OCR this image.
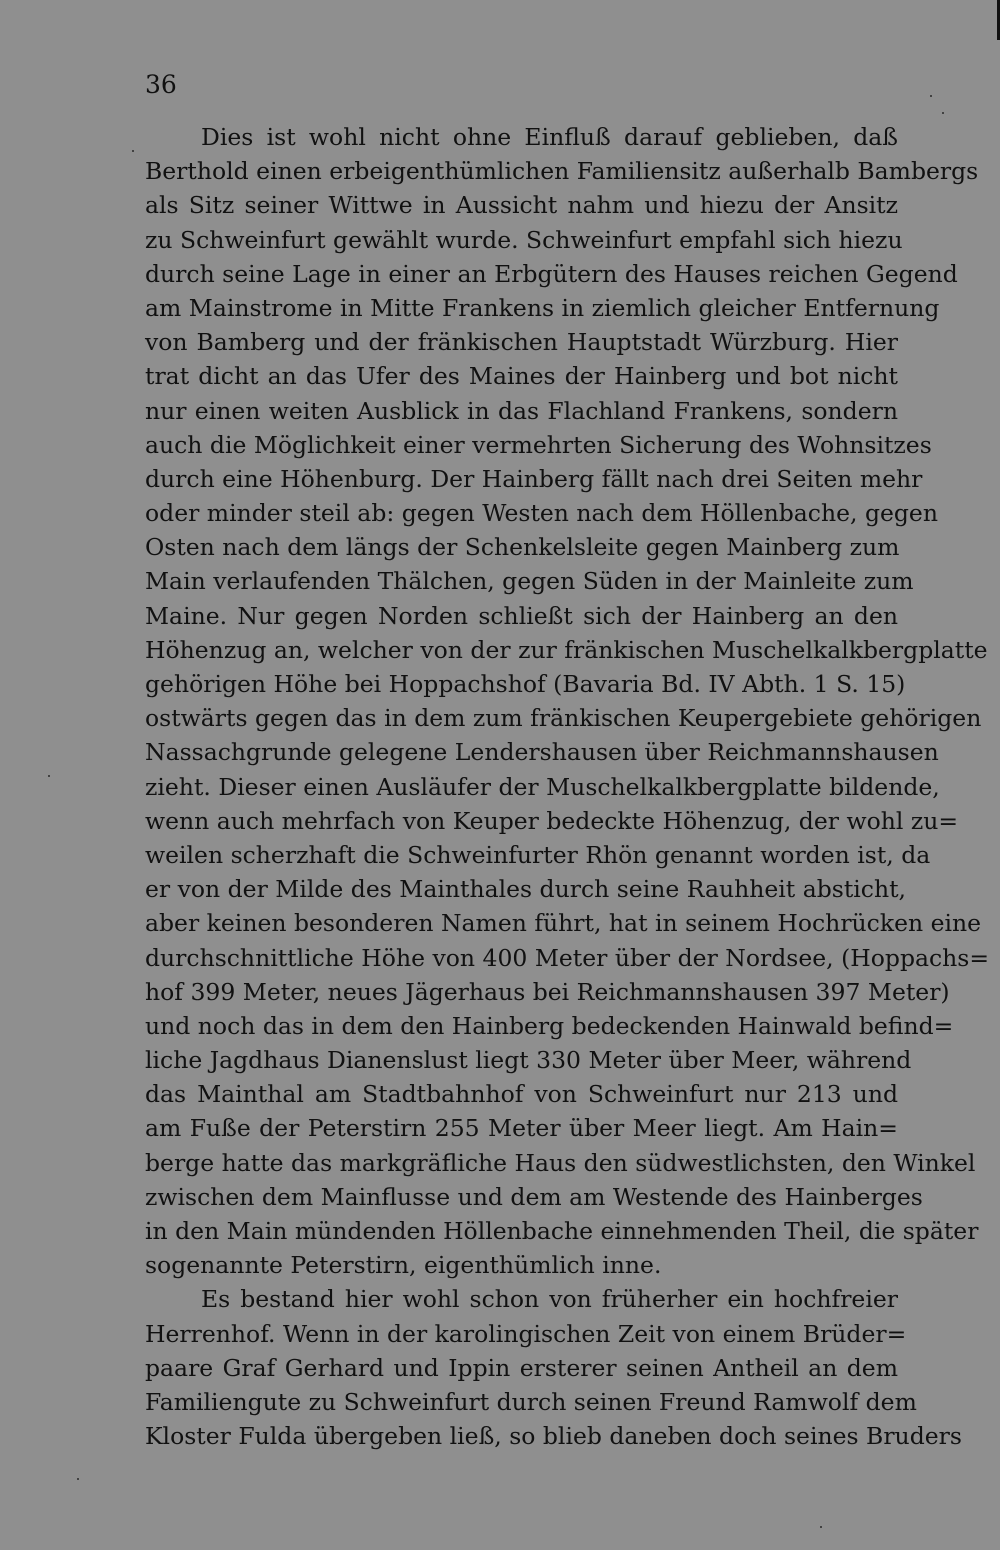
36
Dies ist wohl nicht ohne Einfluß darauf geblieben, daß
Berthold einen erbeigenthümlichen Familiensitz außerhalb Bambergs
als Sitz seiner Wittwe in Aussicht nahm und hiezu der Ansitz
zu Schweinfurt gewählt wurde. Schweinfurt empfahl sich hiezu
durch seine Lage in einer an Erbgütern des Hauses reichen Gegend
am Mainstrome in Mitte Frankens in ziemlich gleicher Entfernung
von Bamberg und der fränkischen Hauptstadt Würzburg. Hier
trat dicht an das Ufer des Maines der Hainberg und bot nicht
nur einen weiten Ausblick in das Flachland Frankens, sondern
auch die Möglichkeit einer vermehrten Sicherung des Wohnsitzes
durch eine Höhenburg. Der Hainberg fällt nach drei Seiten mehr
oder minder steil ab: gegen Westen nach dem Höllenbache, gegen
Osten nach dem längs der Schenkelsleite gegen Mainberg zum
Main verlaufenden Thälchen, gegen Süden in der Mainleite zum
Maine. Nur gegen Norden schließt sich der Hainberg an den
Höhenzug an, welcher von der zur fränkischen Muschelkalkbergplatte
gehörigen Höhe bei Hoppachshof (Bavaria Bd. IV Abth. 1 S. 15)
ostwärts gegen das in dem zum fränkischen Keupergebiete gehörigen
Nassachgrunde gelegene Lendershausen über Reichmannshausen
zieht. Dieser einen Ausläufer der Muschelkalkbergplatte bildende,
wenn auch mehrfach von Keuper bedeckte Höhenzug, der wohl zu=
weilen scherzhaft die Schweinfurter Rhön genannt worden ist, da
er von der Milde des Mainthales durch seine Rauhheit absticht,
aber keinen besonderen Namen führt, hat in seinem Hochrücken eine
durchschnittliche Höhe von 400 Meter über der Nordsee, (Hoppachs=
hof 399 Meter, neues Jägerhaus bei Reichmannshausen 397 Meter)
und noch das in dem den Hainberg bedeckenden Hainwald befind=
liche Jagdhaus Dianenslust liegt 330 Meter über Meer, während
das Mainthal am Stadtbahnhof von Schweinfurt nur 213 und
am Fuße der Peterstirn 255 Meter über Meer liegt. Am Hain=
berge hatte das markgräfliche Haus den südwestlichsten, den Winkel
zwischen dem Mainflusse und dem am Westende des Hainberges
in den Main mündenden Höllenbache einnehmenden Theil, die später
sogenannte Peterstirn, eigenthümlich inne.
Es bestand hier wohl schon von früherher ein hochfreier
Herrenhof. Wenn in der karolingischen Zeit von einem Brüder=
paare Graf Gerhard und Ippin ersterer seinen Antheil an dem
Familiengute zu Schweinfurt durch seinen Freund Ramwolf dem
Kloster Fulda übergeben ließ, so blieb daneben doch seines Bruders
